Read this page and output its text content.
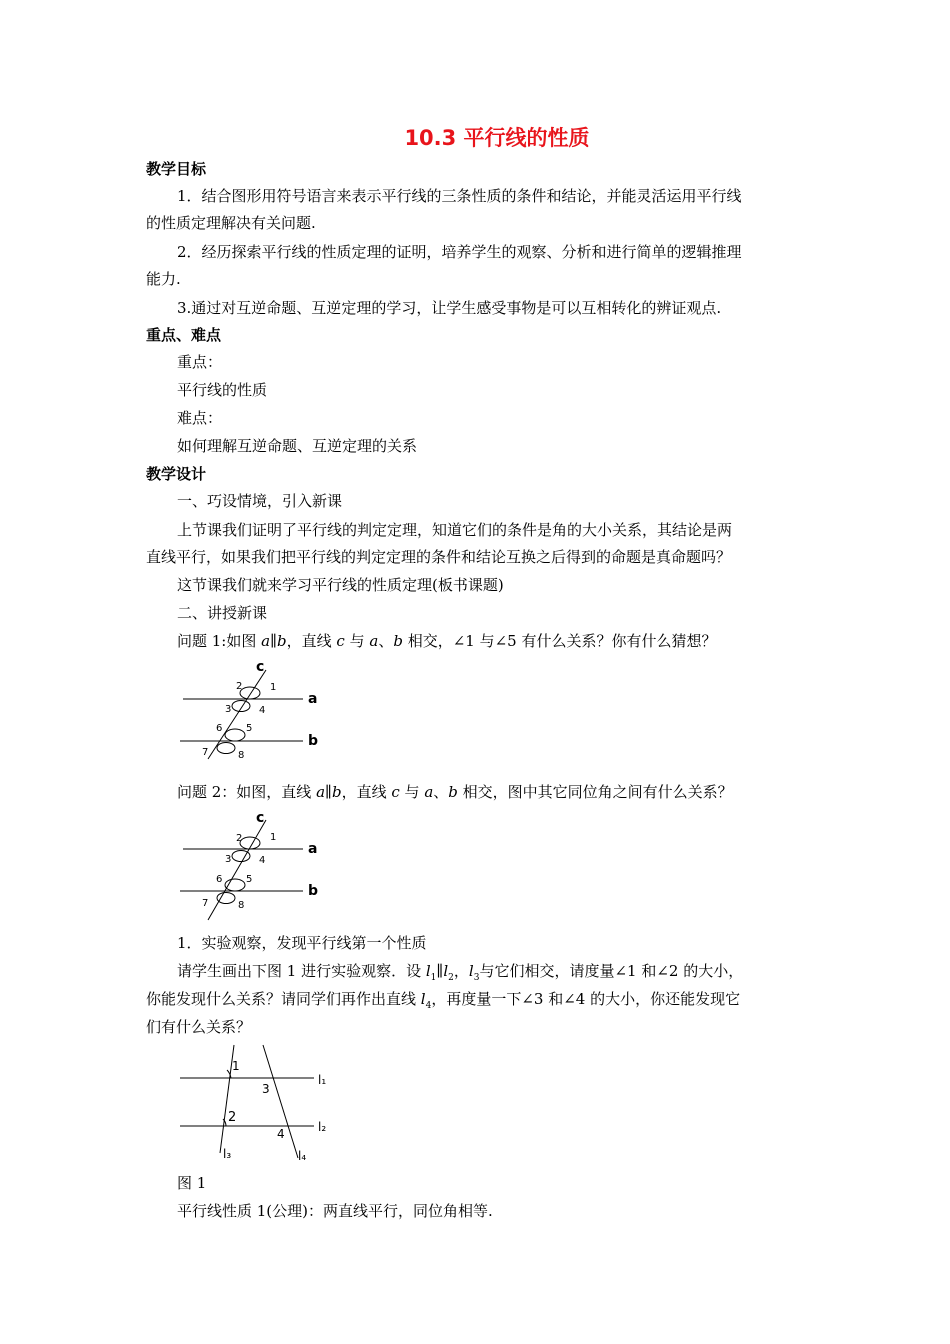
10.3 平行线的性质
教学目标
1．结合图形用符号语言来表示平行线的三条性质的条件和结论，并能灵活运用平行线
的性质定理解决有关问题.
2．经历探索平行线的性质定理的证明，培养学生的观察、分析和进行简单的逻辑推理
能力.
3.通过对互逆命题、互逆定理的学习，让学生感受事物是可以互相转化的辨证观点.
重点、难点
重点：
平行线的性质
难点：
如何理解互逆命题、互逆定理的关系
教学设计
一、巧设情境，引入新课
上节课我们证明了平行线的判定定理，知道它们的条件是角的大小关系，其结论是两
直线平行，如果我们把平行线的判定定理的条件和结论互换之后得到的命题是真命题吗？
这节课我们就来学习平行线的性质定理(板书课题)
二、讲授新课
问题 1:如图 a∥b，直线 c 与 a、b 相交，∠1 与∠5 有什么关系？你有什么猜想？
c
a
b
1
2
3	4
5
6
7	8
问题 2：如图，直线 a∥b，直线 c 与 a、b 相交，图中其它同位角之间有什么关系？
c
a
b
1
2
3	4
5
6
7	8
1．实验观察，发现平行线第一个性质
请学生画出下图 1 进行实验观察．设 $l_1\parallel l_2$，$l_3$与它们相交，请度量∠1 和∠2 的大小，
你能发现什么关系？请同学们再作出直线 $l_4$，再度量一下∠3 和∠4 的大小，你还能发现它
们有什么关系？
1
2
3
4
l₁
l₂
l₃	l₄
图 1
平行线性质 1(公理)：两直线平行，同位角相等.
